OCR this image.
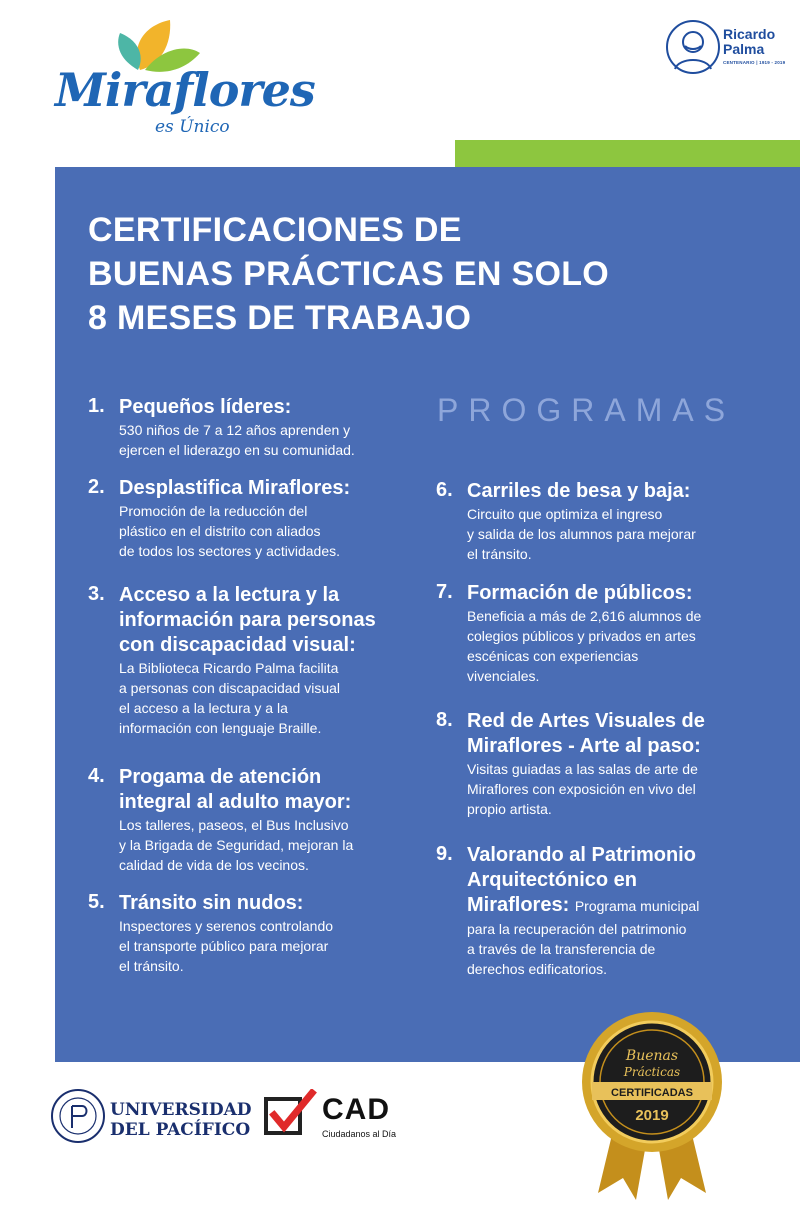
Miraflores
es Único
Ricardo
Palma
CENTENARIO | 1919 - 2019
CERTIFICACIONES DE
BUENAS PRÁCTICAS EN SOLO
8 MESES DE TRABAJO
PROGRAMAS
1. Pequeños líderes:
530 niños de 7 a 12 años aprenden y
ejercen el liderazgo en su comunidad.
2. Desplastifica Miraflores:
Promoción de la reducción del
plástico en el distrito con aliados
de todos los sectores y actividades.
3. Acceso a la lectura y la
información para personas
con discapacidad visual:
La Biblioteca Ricardo Palma facilita
a personas con discapacidad visual
el acceso a la lectura y a la
información con lenguaje Braille.
4. Progama de atención
integral al adulto mayor:
Los talleres, paseos, el Bus Inclusivo
y la Brigada de Seguridad, mejoran la
calidad de vida de los vecinos.
5. Tránsito sin nudos:
Inspectores y serenos controlando
el transporte público para mejorar
el tránsito.
6. Carriles de besa y baja:
Circuito que optimiza el ingreso
y salida de los alumnos para mejorar
el tránsito.
7. Formación de públicos:
Beneficia a más de 2,616 alumnos de
colegios públicos y privados en artes
escénicas con experiencias
vivenciales.
8. Red de Artes Visuales de
Miraflores - Arte al paso:
Visitas guiadas a las salas de arte de
Miraflores con exposición en vivo del
propio artista.
9. Valorando al Patrimonio
Arquitectónico en
Miraflores: Programa municipal
para la recuperación del patrimonio
a través de la transferencia de
derechos edificatorios.
UNIVERSIDAD
DEL PACÍFICO
CAD
Ciudadanos al Día
Buenas
Prácticas
CERTIFICADAS
2019
